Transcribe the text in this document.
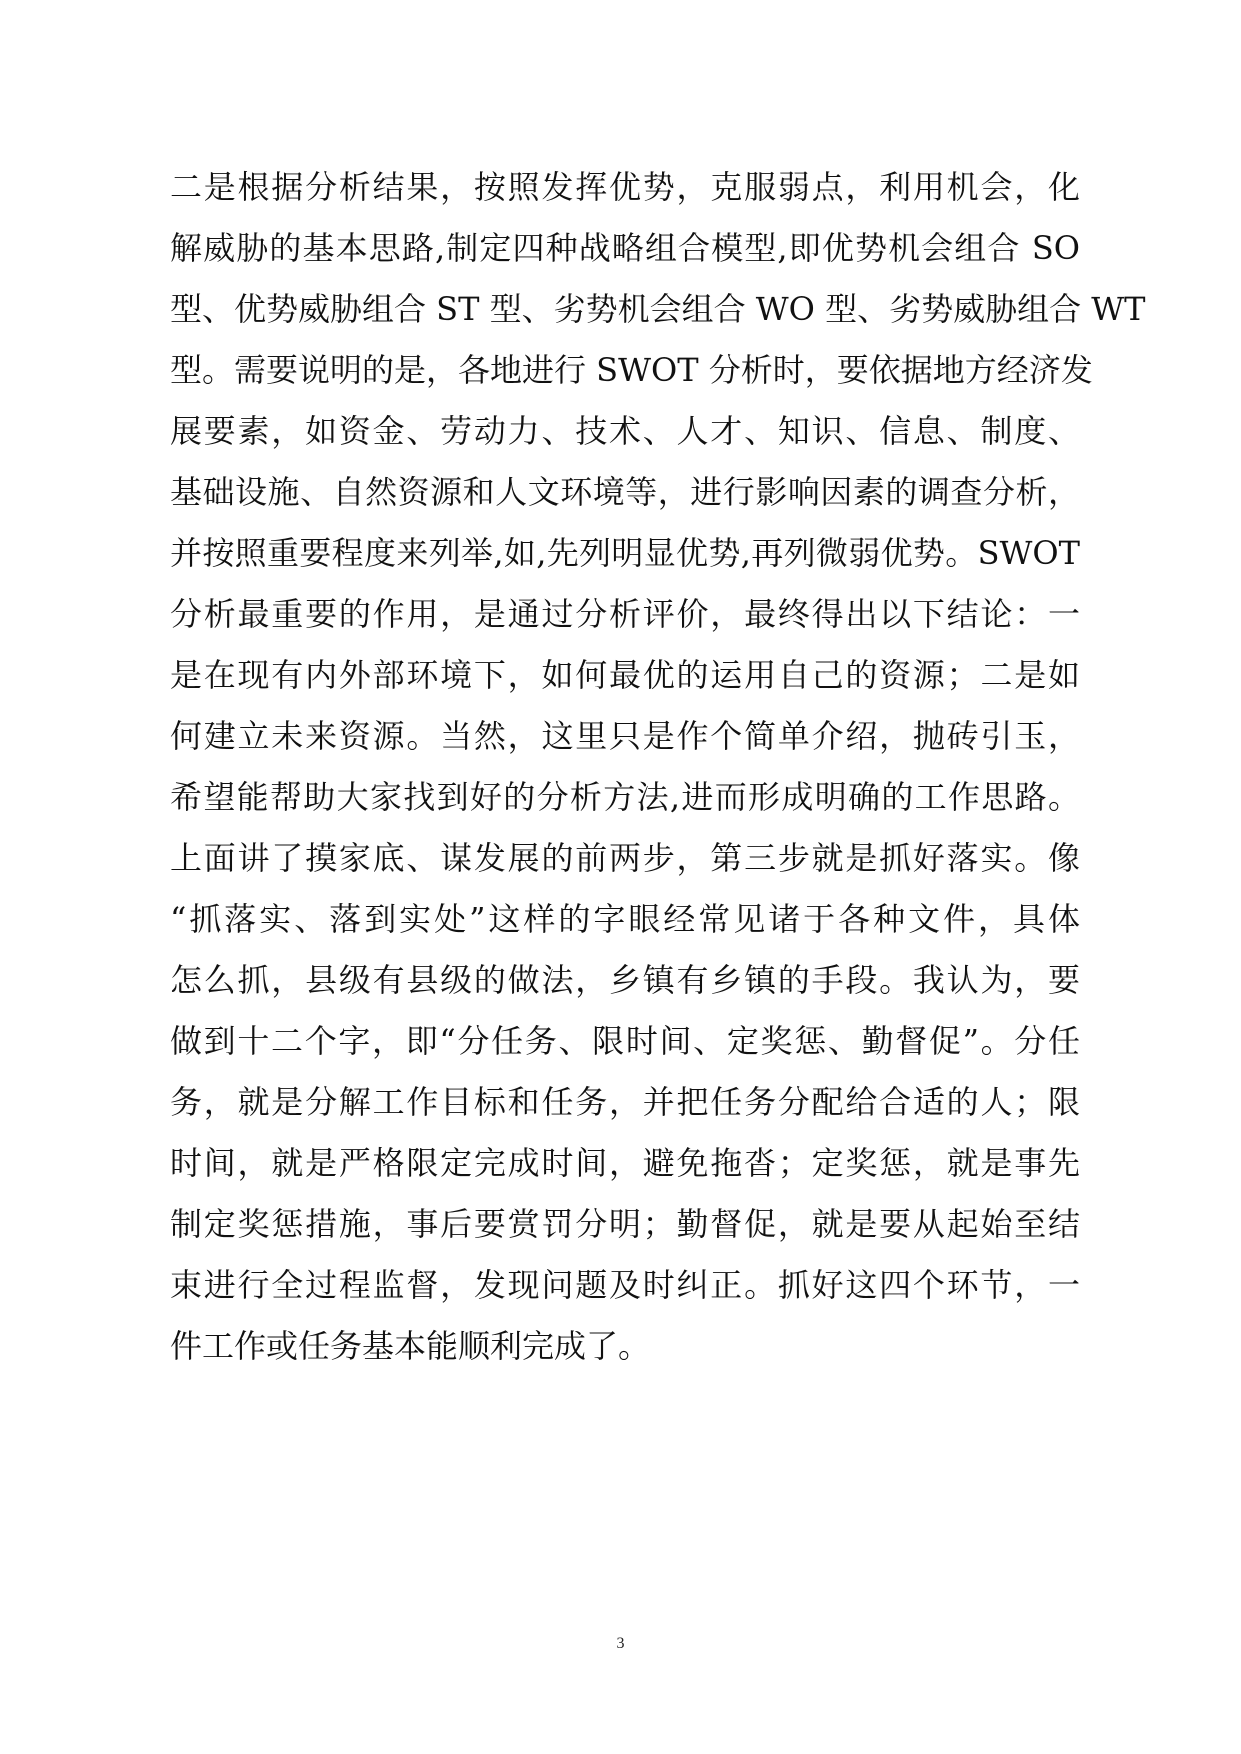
二是根据分析结果，按照发挥优势，克服弱点，利用机会，化
解威胁的基本思路,制定四种战略组合模型,即优势机会组合 SO
型、优势威胁组合 ST 型、劣势机会组合 WO 型、劣势威胁组合 WT
型。需要说明的是，各地进行 SWOT 分析时，要依据地方经济发
展要素，如资金、劳动力、技术、人才、知识、信息、制度、
基础设施、自然资源和人文环境等，进行影响因素的调查分析，
并按照重要程度来列举,如,先列明显优势,再列微弱优势。SWOT
分析最重要的作用，是通过分析评价，最终得出以下结论：一
是在现有内外部环境下，如何最优的运用自己的资源；二是如
何建立未来资源。当然，这里只是作个简单介绍，抛砖引玉，
希望能帮助大家找到好的分析方法,进而形成明确的工作思路。
上面讲了摸家底、谋发展的前两步，第三步就是抓好落实。像
“抓落实、落到实处”这样的字眼经常见诸于各种文件，具体
怎么抓，县级有县级的做法，乡镇有乡镇的手段。我认为，要
做到十二个字，即“分任务、限时间、定奖惩、勤督促”。分任
务，就是分解工作目标和任务，并把任务分配给合适的人；限
时间，就是严格限定完成时间，避免拖沓；定奖惩，就是事先
制定奖惩措施，事后要赏罚分明；勤督促，就是要从起始至结
束进行全过程监督，发现问题及时纠正。抓好这四个环节，一
件工作或任务基本能顺利完成了。
3
